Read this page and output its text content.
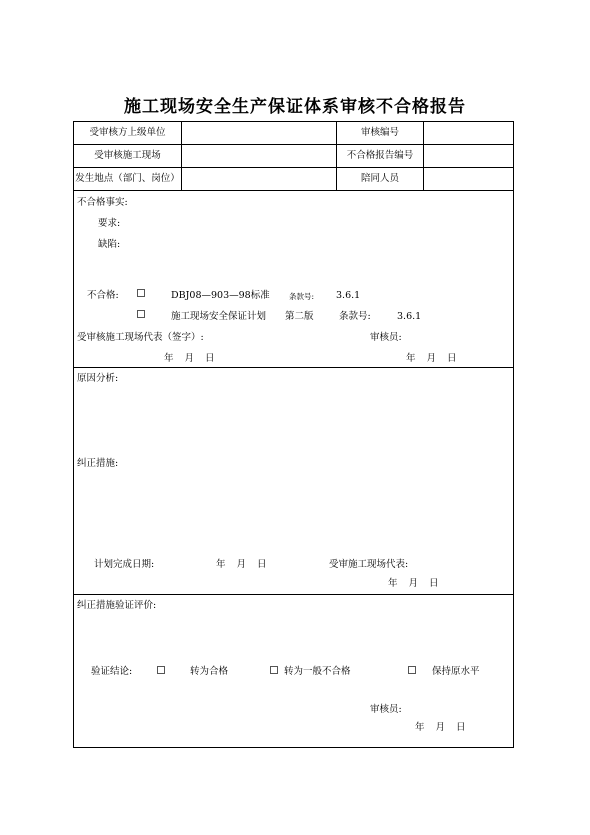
施工现场安全生产保证体系审核不合格报告
受审核方上级单位	审核编号
受审核施工现场	不合格报告编号
发生地点（部门、岗位）	陪同人员
不合格事实:
要求:
缺陷:
不合格:	DBJ08—903—98标准	条款号: 3.6.1
施工现场安全保证计划 第二版	条款号:	3.6.1
受审核施工现场代表（签字）:	审核员:
年 月 日	年 月 日
原因分析:
纠正措施:
计划完成日期:	年 月 日	受审施工现场代表:
年 月 日
纠正措施验证评价:
验证结论:	转为合格	转为一般不合格	保持原水平
审核员:
年 月 日
